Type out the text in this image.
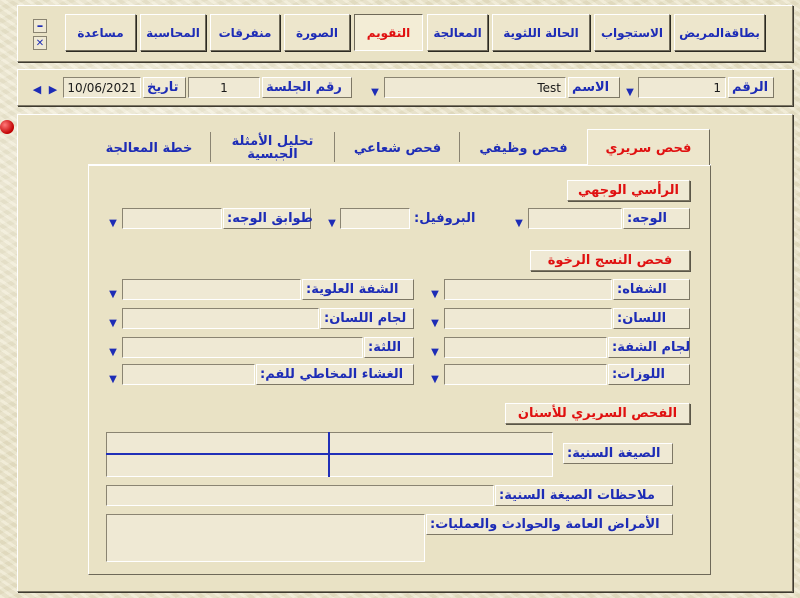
بطاقةالمريض
الاستجواب
الحالة اللثوية
المعالجة
التقويم
الصورة
منفرقات
المحاسبة
مساعدة
–
✕
الرقم
1
▼
الاسم
Test
▼
رقم الجلسة
1
تاريخ
10/06/2021
▶
◀
فحص سريري
فحص وظيفي
فحص شعاعي
تحليل الأمثلة الجبسية
خطة المعالجة
الرأسي الوجهي
الوجه:
▼
البروفيل:
▼
طوابق الوجه:
▼
فحص النسج الرخوة
الشفاه:
▼
الشفة العلوية:
▼
اللسان:
▼
لجام اللسان:
▼
لجام الشفة:
▼
اللثة:
▼
اللوزات:
▼
الغشاء المخاطي للفم:
▼
الفحص السريري للأسنان
الصيغة السنية:
ملاحظات الصيغة السنية:
الأمراض العامة والحوادث والعمليات:
